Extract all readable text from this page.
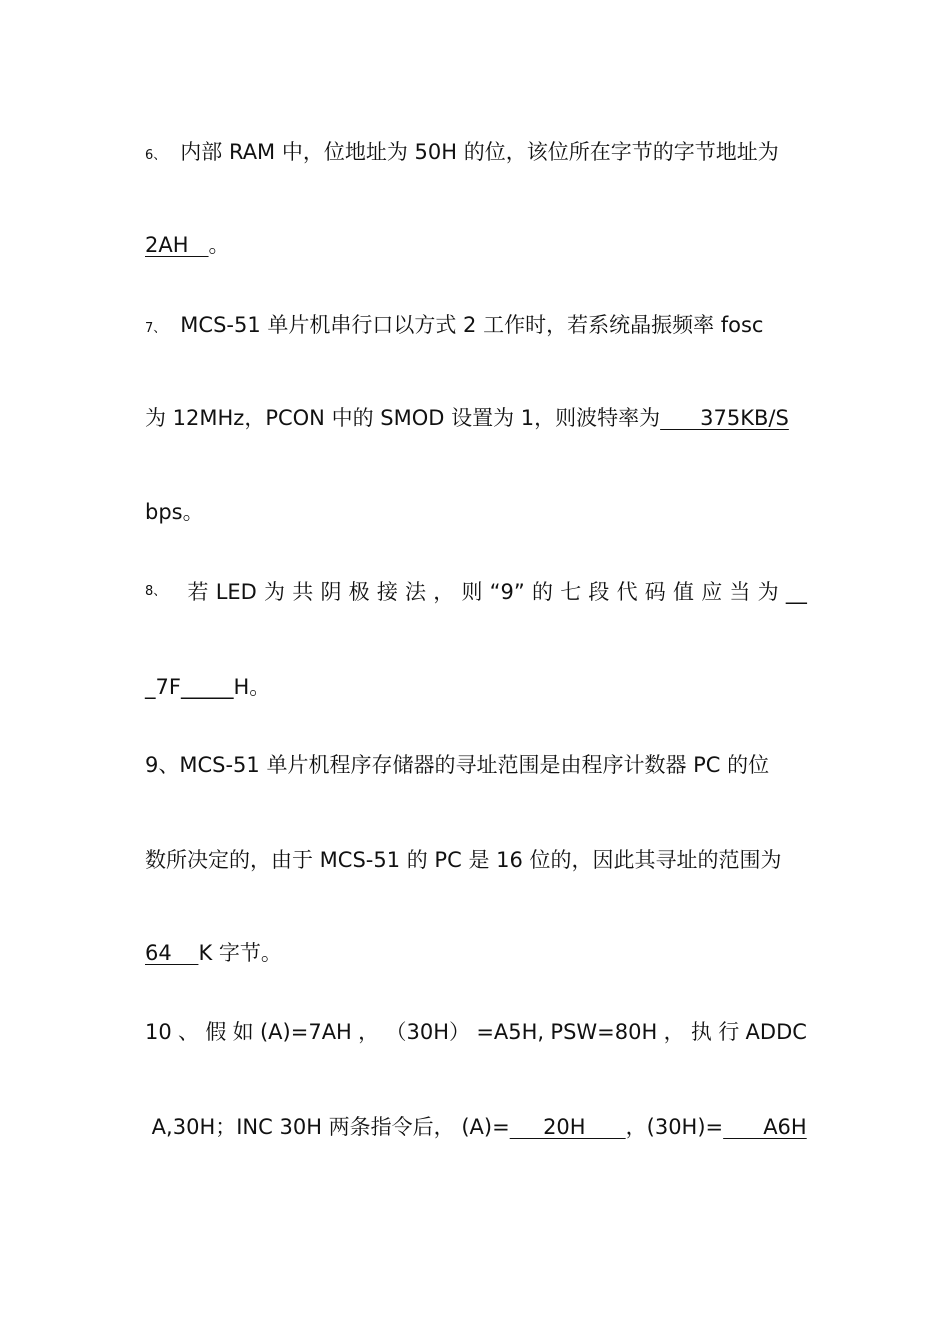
6、 内部 RAM 中，位地址为 50H 的位，该位所在字节的字节地址为
2AH   。
7、 MCS-51 单片机串行口以方式 2 工作时，若系统晶振频率 fosc
为 12MHz，PCON 中的 SMOD 设置为 1，则波特率为      375KB/S
bps。
8、 若 LED 为 共 阴 极 接 法 ， 则 “9” 的 七 段 代 码 值 应 当 为 __
_7F_____H。
9、MCS-51 单片机程序存储器的寻址范围是由程序计数器 PC 的位
数所决定的，由于 MCS-51 的 PC 是 16 位的，因此其寻址的范围为
64    K 字节。
10 、 假 如 (A)=7AH ， （30H） =A5H, PSW=80H ， 执 行 ADDC
A,30H；INC 30H 两条指令后， (A)=     20H      ，(30H)=      A6H
